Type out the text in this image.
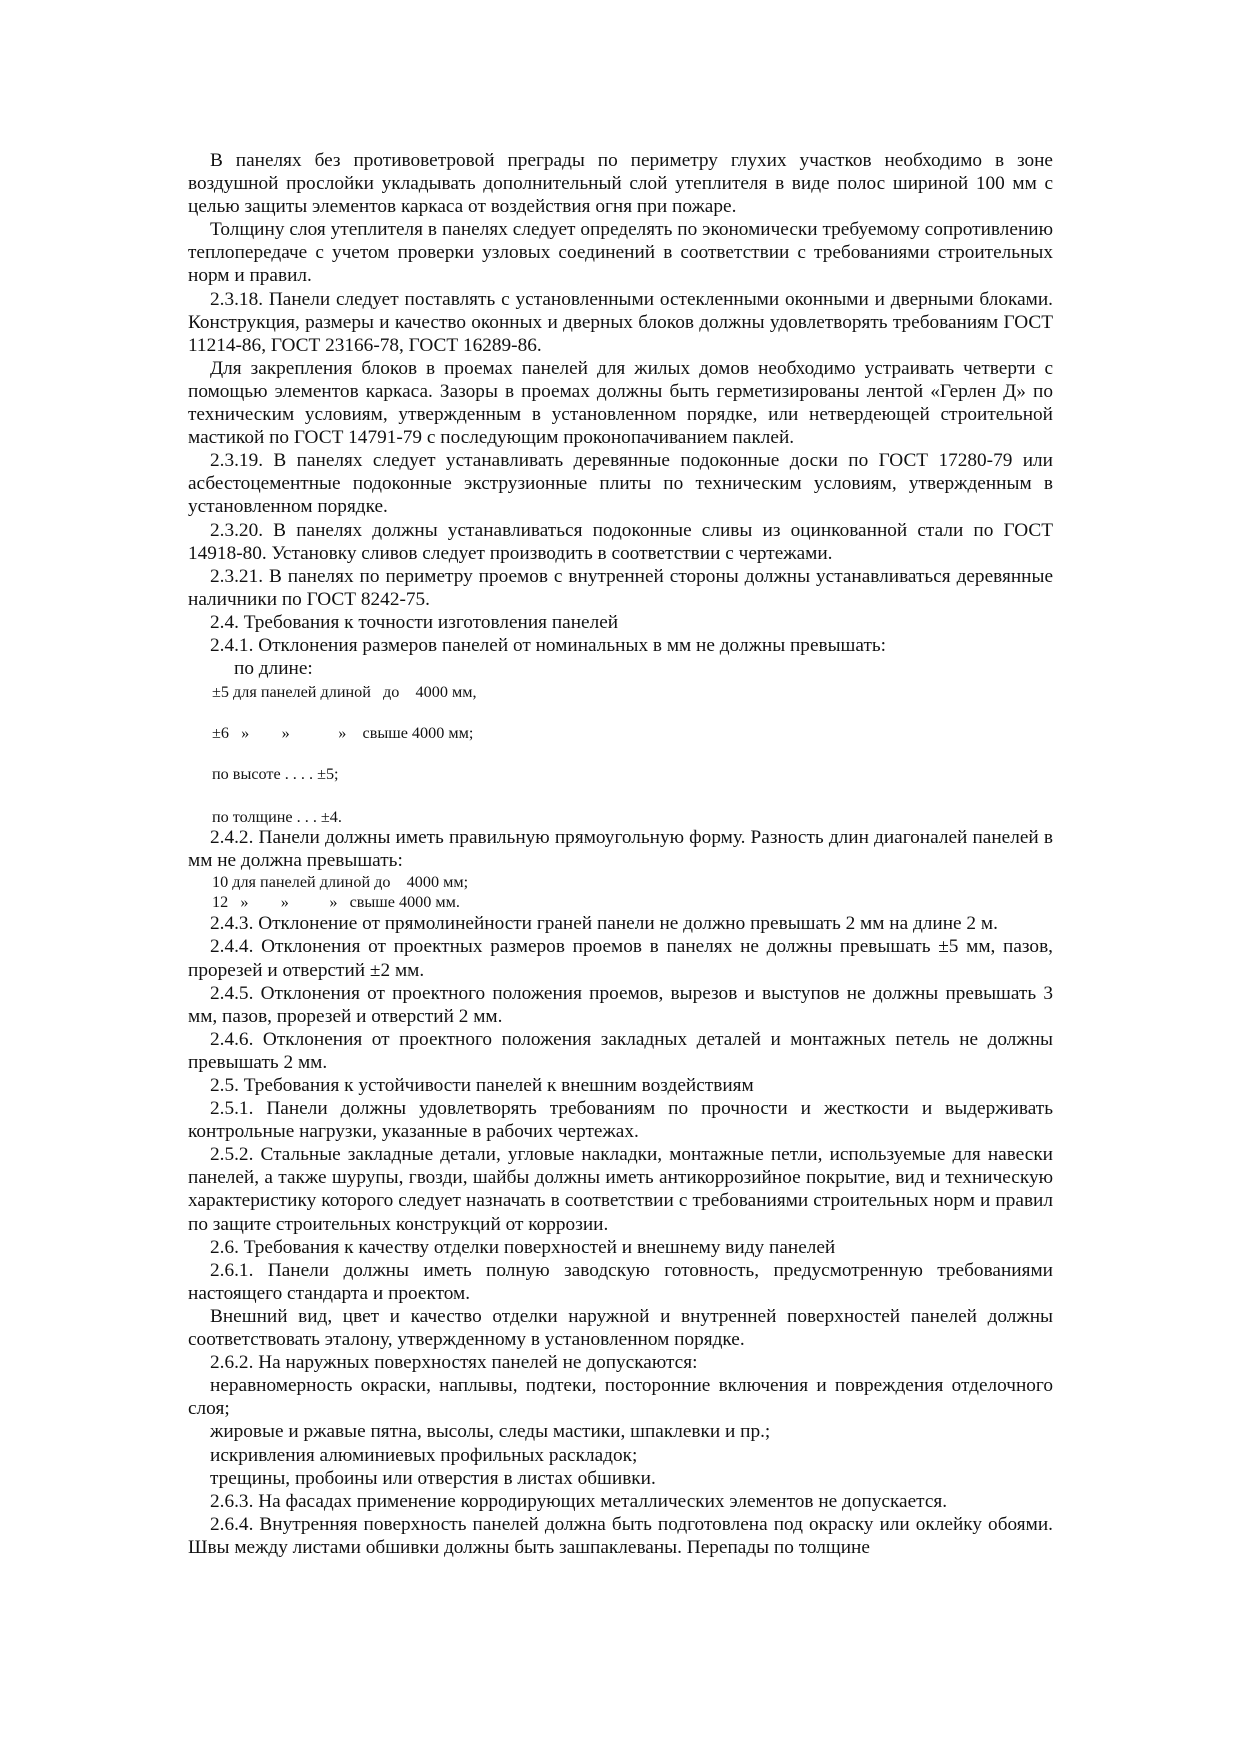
В панелях без противоветровой преграды по периметру глухих участков необходимо в зоне воздушной прослойки укладывать дополнительный слой утеплителя в виде полос шириной 100 мм с целью защиты элементов каркаса от воздействия огня при пожаре.

Толщину слоя утеплителя в панелях следует определять по экономически требуемому сопротивлению теплопередаче с учетом проверки узловых соединений в соответствии с требованиями строительных норм и правил.

2.3.18. Панели следует поставлять с установленными остекленными оконными и дверными блоками. Конструкция, размеры и качество оконных и дверных блоков должны удовлетворять требованиям ГОСТ 11214-86, ГОСТ 23166-78, ГОСТ 16289-86.

Для закрепления блоков в проемах панелей для жилых домов необходимо устраивать четверти с помощью элементов каркаса. Зазоры в проемах должны быть герметизированы лентой «Герлен Д» по техническим условиям, утвержденным в установленном порядке, или нетвердеющей строительной мастикой по ГОСТ 14791-79 с последующим проконопачиванием паклей.

2.3.19. В панелях следует устанавливать деревянные подоконные доски по ГОСТ 17280-79 или асбестоцементные подоконные экструзионные плиты по техническим условиям, утвержденным в установленном порядке.

2.3.20. В панелях должны устанавливаться подоконные сливы из оцинкованной стали по ГОСТ 14918-80. Установку сливов следует производить в соответствии с чертежами.

2.3.21. В панелях по периметру проемов с внутренней стороны должны устанавливаться деревянные наличники по ГОСТ 8242-75.

2.4. Требования к точности изготовления панелей

2.4.1. Отклонения размеров панелей от номинальных в мм не должны превышать:

по длине:

±5 для панелей длиной   до    4000 мм,

±6   »        »            »    свыше 4000 мм;

по высоте . . . . ±5;

по толщине . . . ±4.

2.4.2. Панели должны иметь правильную прямоугольную форму. Разность длин диагоналей панелей в мм не должна превышать:

10 для панелей длиной до    4000 мм;

12   »        »          »   свыше 4000 мм.

2.4.3. Отклонение от прямолинейности граней панели не должно превышать 2 мм на длине 2 м.

2.4.4. Отклонения от проектных размеров проемов в панелях не должны превышать ±5 мм, пазов, прорезей и отверстий ±2 мм.

2.4.5. Отклонения от проектного положения проемов, вырезов и выступов не должны превышать 3 мм, пазов, прорезей и отверстий 2 мм.

2.4.6. Отклонения от проектного положения закладных деталей и монтажных петель не должны превышать 2 мм.

2.5. Требования к устойчивости панелей к внешним воздействиям

2.5.1. Панели должны удовлетворять требованиям по прочности и жесткости и выдерживать контрольные нагрузки, указанные в рабочих чертежах.

2.5.2. Стальные закладные детали, угловые накладки, монтажные петли, используемые для навески панелей, а также шурупы, гвозди, шайбы должны иметь антикоррозийное покрытие, вид и техническую характеристику которого следует назначать в соответствии с требованиями строительных норм и правил по защите строительных конструкций от коррозии.

2.6. Требования к качеству отделки поверхностей и внешнему виду панелей

2.6.1. Панели должны иметь полную заводскую готовность, предусмотренную требованиями настоящего стандарта и проектом.

Внешний вид, цвет и качество отделки наружной и внутренней поверхностей панелей должны соответствовать эталону, утвержденному в установленном порядке.

2.6.2. На наружных поверхностях панелей не допускаются:

неравномерность окраски, наплывы, подтеки, посторонние включения и повреждения отделочного слоя;

жировые и ржавые пятна, высолы, следы мастики, шпаклевки и пр.;

искривления алюминиевых профильных раскладок;

трещины, пробоины или отверстия в листах обшивки.

2.6.3. На фасадах применение корродирующих металлических элементов не допускается.

2.6.4. Внутренняя поверхность панелей должна быть подготовлена под окраску или оклейку обоями. Швы между листами обшивки должны быть зашпаклеваны. Перепады по толщине
